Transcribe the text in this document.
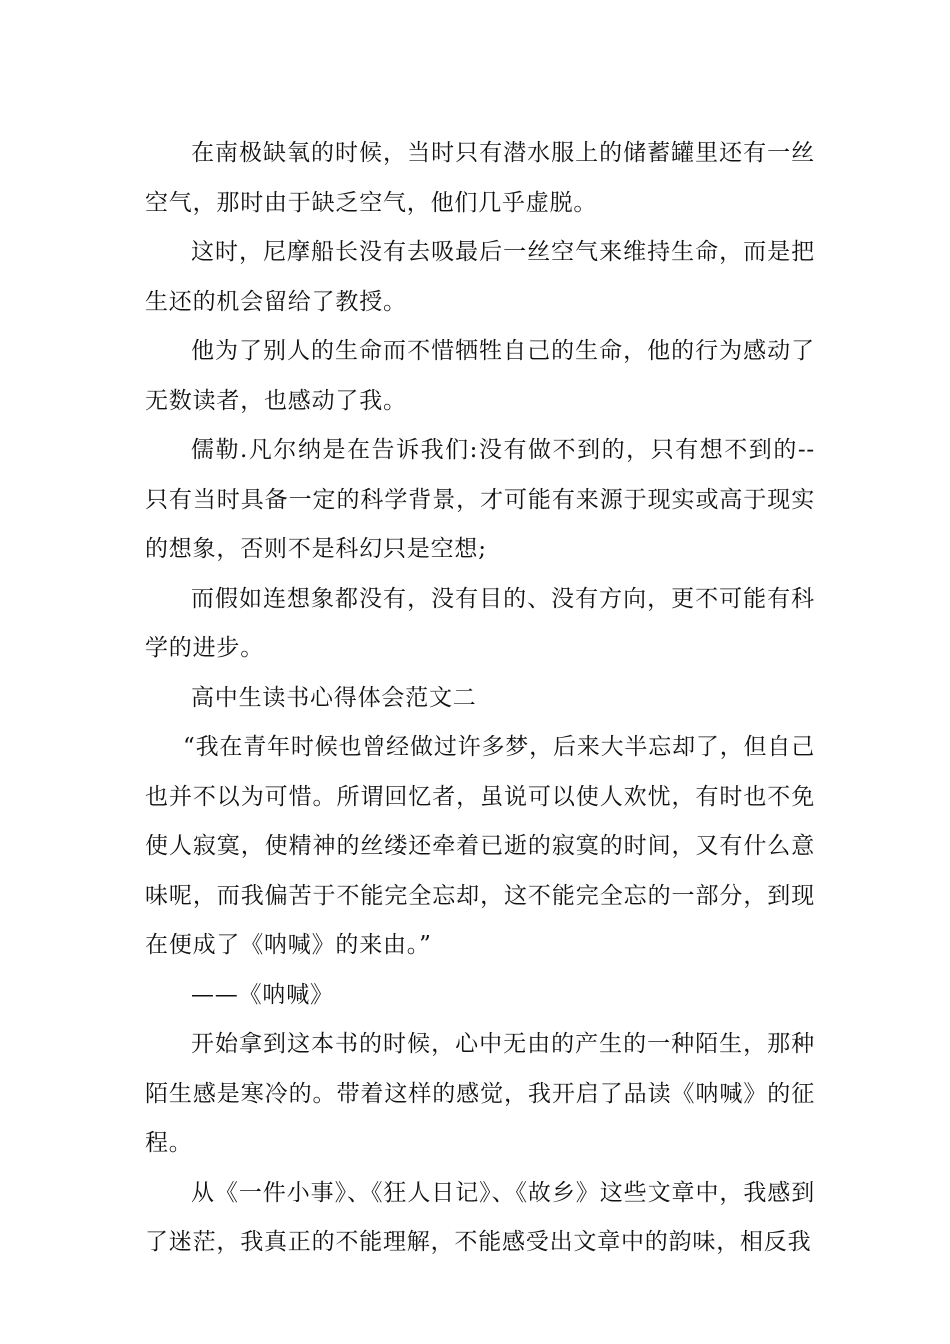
在南极缺氧的时候，当时只有潜水服上的储蓄罐里还有一丝空气，那时由于缺乏空气，他们几乎虚脱。

这时，尼摩船长没有去吸最后一丝空气来维持生命，而是把生还的机会留给了教授。

他为了别人的生命而不惜牺牲自己的生命，他的行为感动了无数读者，也感动了我。

儒勒.凡尔纳是在告诉我们:没有做不到的，只有想不到的--只有当时具备一定的科学背景，才可能有来源于现实或高于现实的想象，否则不是科幻只是空想;

而假如连想象都没有，没有目的、没有方向，更不可能有科学的进步。

高中生读书心得体会范文二

“我在青年时候也曾经做过许多梦，后来大半忘却了，但自己也并不以为可惜。所谓回忆者，虽说可以使人欢忧，有时也不免使人寂寞，使精神的丝缕还牵着已逝的寂寞的时间，又有什么意味呢，而我偏苦于不能完全忘却，这不能完全忘的一部分，到现在便成了《呐喊》的来由。”

——《呐喊》

开始拿到这本书的时候，心中无由的产生的一种陌生，那种陌生感是寒冷的。带着这样的感觉，我开启了品读《呐喊》的征程。

从《一件小事》、《狂人日记》、《故乡》这些文章中，我感到了迷茫，我真正的不能理解，不能感受出文章中的韵味，相反我
